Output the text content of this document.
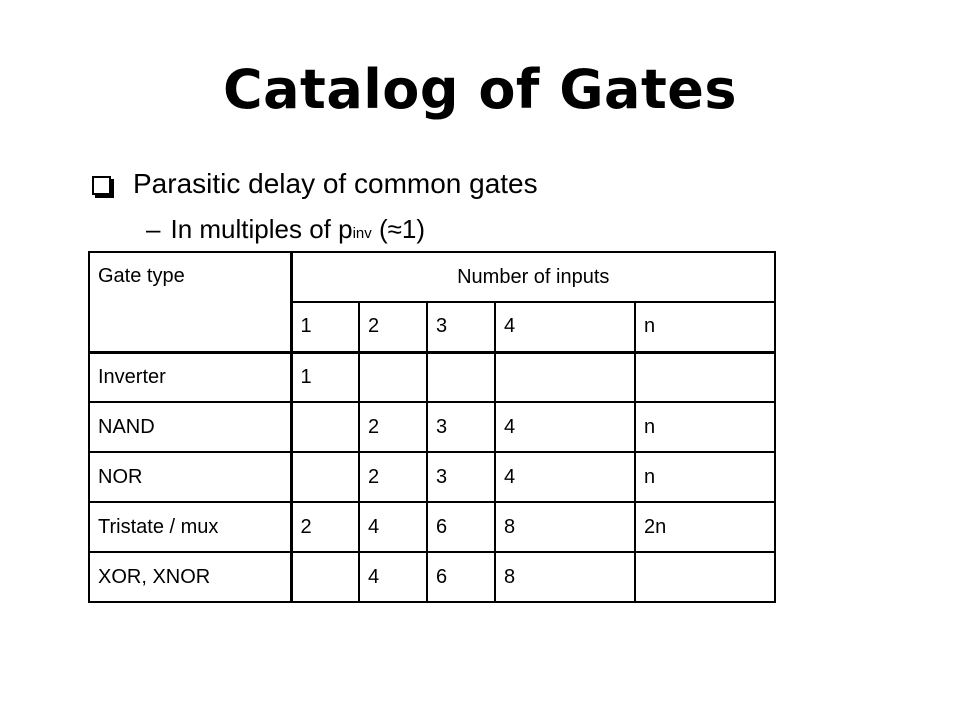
Catalog of Gates
Parasitic delay of common gates
– In multiples of p inv (≈1)
Gate type	Number of inputs				
	1	2	3	4	n
Inverter	1				
NAND		2	3	4	n
NOR		2	3	4	n
Tristate / mux	2	4	6	8	2n
XOR, XNOR		4	6	8	
